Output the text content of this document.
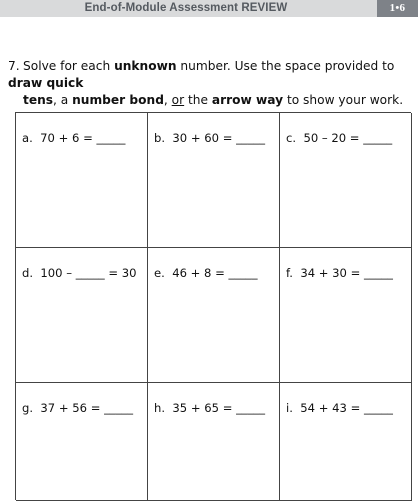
End-of-Module Assessment REVIEW	1•6
7. Solve for each unknown number. Use the space provided to draw quick
tens, a number bond, or the arrow way to show your work.
a. 70 + 6 = _____ b. 30 + 60 = _____ c. 50 – 20 = _____
d. 100 – _____ = 30 e. 46 + 8 = _____ f. 34 + 30 = _____
g. 37 + 56 = _____ h. 35 + 65 = _____ i. 54 + 43 = _____
